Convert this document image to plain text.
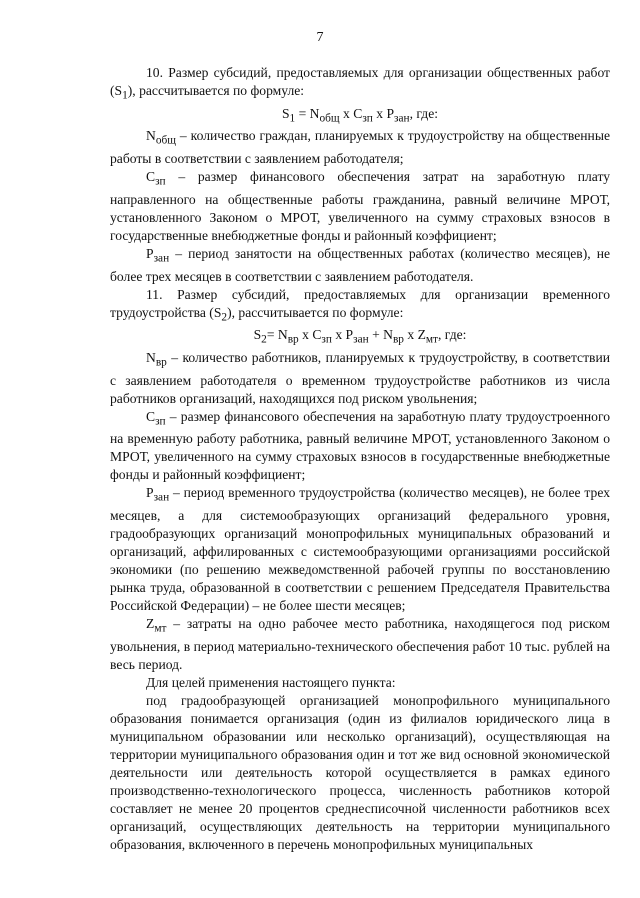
7

10. Размер субсидий, предоставляемых для организации общественных работ $(S_1)$, рассчитывается по формуле:

$S_1 = N_{общ}$ x $C_{зп}$ x $P_{зан}$, где:

$N_{общ}$ – количество граждан, планируемых к трудоустройству на общественные работы в соответствии с заявлением работодателя;

$C_{зп}$ – размер финансового обеспечения затрат на заработную плату направленного на общественные работы гражданина, равный величине МРОТ, установленного Законом о МРОТ, увеличенного на сумму страховых взносов в государственные внебюджетные фонды и районный коэффициент;

$P_{зан}$ – период занятости на общественных работах (количество месяцев), не более трех месяцев в соответствии с заявлением работодателя.

11. Размер субсидий, предоставляемых для организации временного трудоустройства $(S_2)$, рассчитывается по формуле:

$S_2= N_{вр}$ x $C_{зп}$ x $P_{зан} + N_{вр}$ x $Z_{мт}$, где:

$N_{вр}$ – количество работников, планируемых к трудоустройству, в соответствии с заявлением работодателя о временном трудоустройстве работников из числа работников организаций, находящихся под риском увольнения;

$C_{зп}$ – размер финансового обеспечения на заработную плату трудоустроенного на временную работу работника, равный величине МРОТ, установленного Законом о МРОТ, увеличенного на сумму страховых взносов в государственные внебюджетные фонды и районный коэффициент;

$P_{зан}$ – период временного трудоустройства (количество месяцев), не более трех месяцев, а для системообразующих организаций федерального уровня, градообразующих организаций монопрофильных муниципальных образований и организаций, аффилированных с системообразующими организациями российской экономики (по решению межведомственной рабочей группы по восстановлению рынка труда, образованной в соответствии с решением Председателя Правительства Российской Федерации) – не более шести месяцев;

$Z_{мт}$ – затраты на одно рабочее место работника, находящегося под риском увольнения, в период материально-технического обеспечения работ 10 тыс. рублей на весь период.

Для целей применения настоящего пункта:

под градообразующей организацией монопрофильного муниципального образования понимается организация (один из филиалов юридического лица в муниципальном образовании или несколько организаций), осуществляющая на территории муниципального образования один и тот же вид основной экономической деятельности или деятельность которой осуществляется в рамках единого производственно-технологического процесса, численность работников которой составляет не менее 20 процентов среднесписочной численности работников всех организаций, осуществляющих деятельность на территории муниципального образования, включенного в перечень монопрофильных муниципальных
